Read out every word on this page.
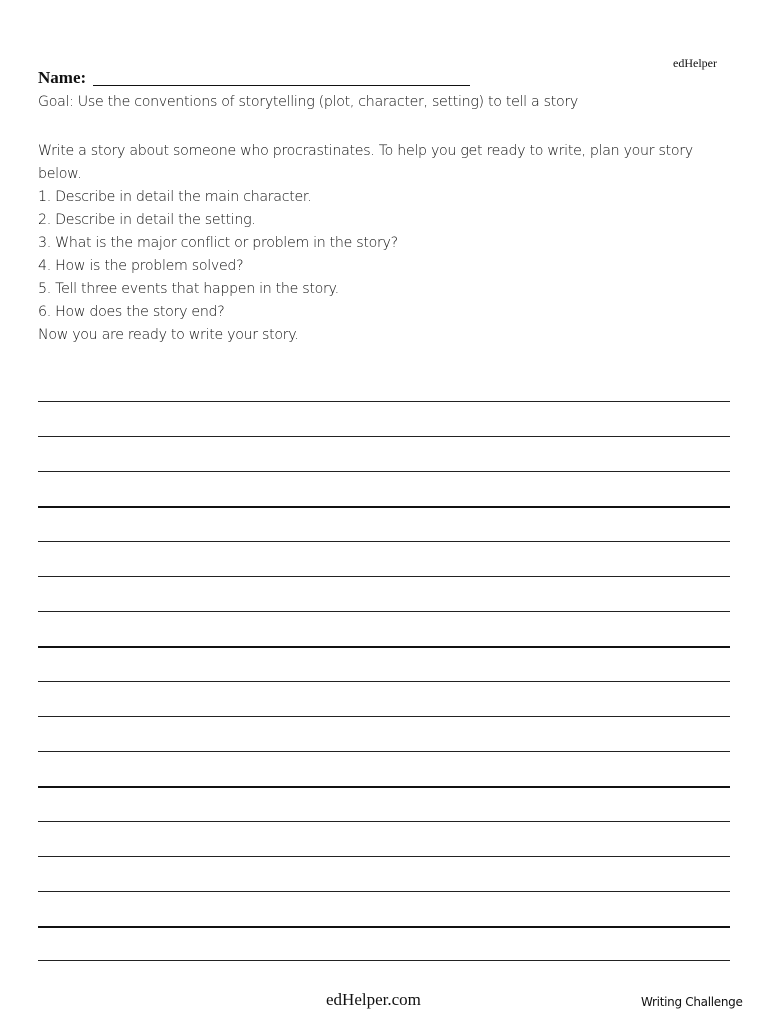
edHelper
Name:
Goal: Use the conventions of storytelling (plot, character, setting) to tell a story

Write a story about someone who procrastinates. To help you get ready to write, plan your story below.

1. Describe in detail the main character.

2. Describe in detail the setting.

3. What is the major conflict or problem in the story?

4. How is the problem solved?

5. Tell three events that happen in the story.

6. How does the story end?

Now you are ready to write your story.

edHelper.com	Writing Challenge
